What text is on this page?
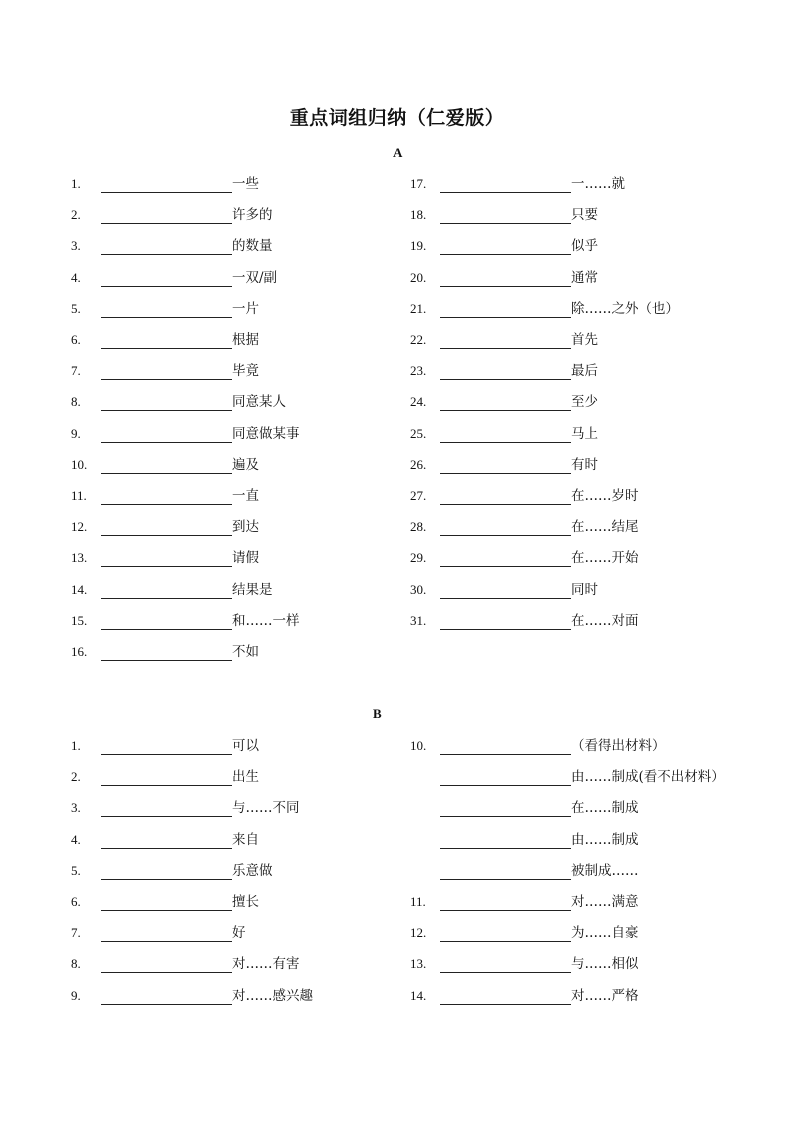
重点词组归纳（仁爱版）
A
1.	一些
2.	许多的
3.	的数量
4.	一双/副
5.	一片
6.	根据
7.	毕竟
8.	同意某人
9.	同意做某事
10.	遍及
11.	一直
12.	到达
13.	请假
14.	结果是
15.	和……一样
16.	不如
17.	一……就
18.	只要
19.	似乎
20.	通常
21.	除……之外（也）
22.	首先
23.	最后
24.	至少
25.	马上
26.	有时
27.	在……岁时
28.	在……结尾
29.	在……开始
30.	同时
31.	在……对面
B
1.	可以
2.	出生
3.	与……不同
4.	来自
5.	乐意做
6.	擅长
7.	好
8.	对……有害
9.	对……感兴趣
10.	（看得出材料）
由……制成(看不出材料）
在……制成
由……制成
被制成……
11.	对……满意
12.	为……自豪
13.	与……相似
14.	对……严格
